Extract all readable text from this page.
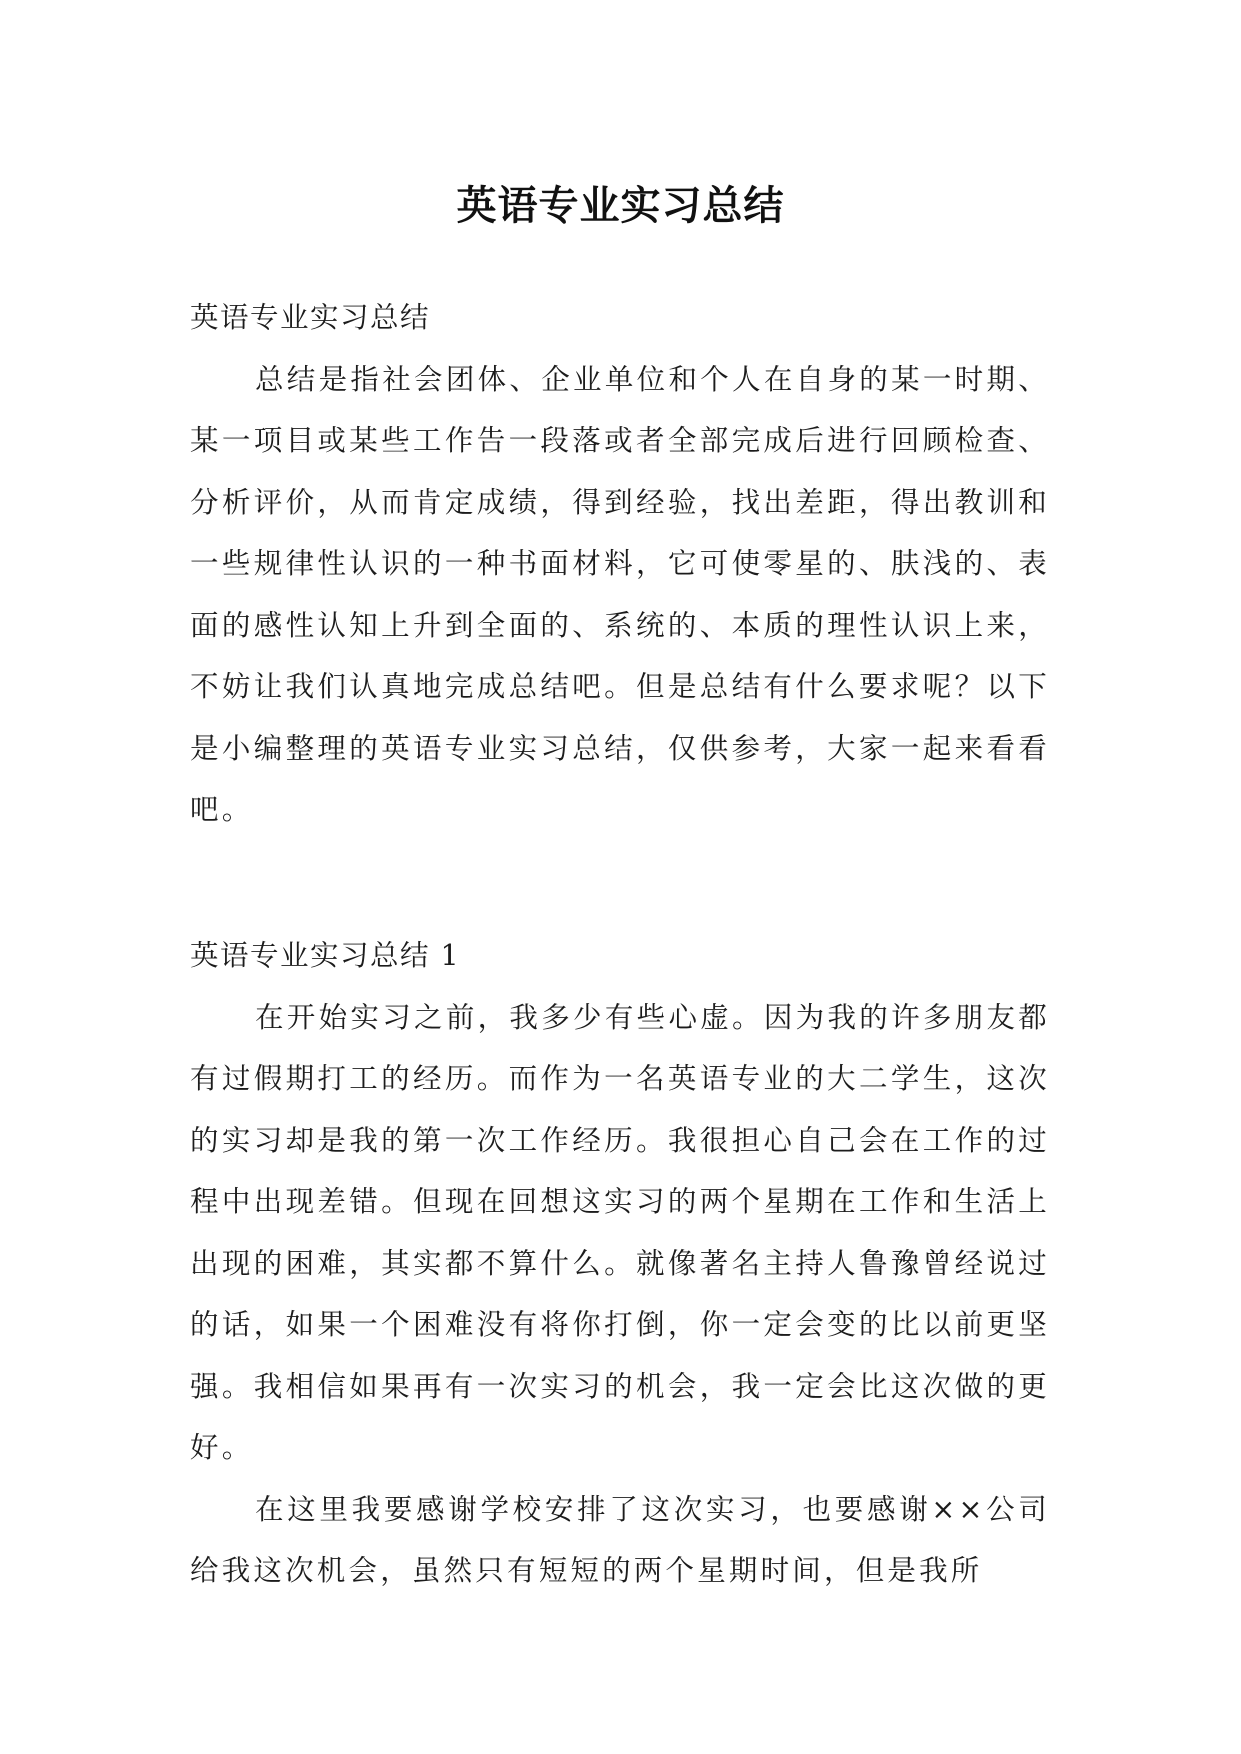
英语专业实习总结
英语专业实习总结

总结是指社会团体、企业单位和个人在自身的某一时期、某一项目或某些工作告一段落或者全部完成后进行回顾检查、分析评价，从而肯定成绩，得到经验，找出差距，得出教训和一些规律性认识的一种书面材料，它可使零星的、肤浅的、表面的感性认知上升到全面的、系统的、本质的理性认识上来，不妨让我们认真地完成总结吧。但是总结有什么要求呢？以下是小编整理的英语专业实习总结，仅供参考，大家一起来看看吧。

英语专业实习总结 1

在开始实习之前，我多少有些心虚。因为我的许多朋友都有过假期打工的经历。而作为一名英语专业的大二学生，这次的实习却是我的第一次工作经历。我很担心自己会在工作的过程中出现差错。但现在回想这实习的两个星期在工作和生活上出现的困难，其实都不算什么。就像著名主持人鲁豫曾经说过的话，如果一个困难没有将你打倒，你一定会变的比以前更坚强。我相信如果再有一次实习的机会，我一定会比这次做的更好。

在这里我要感谢学校安排了这次实习，也要感谢××公司给我这次机会，虽然只有短短的两个星期时间，但是我所
